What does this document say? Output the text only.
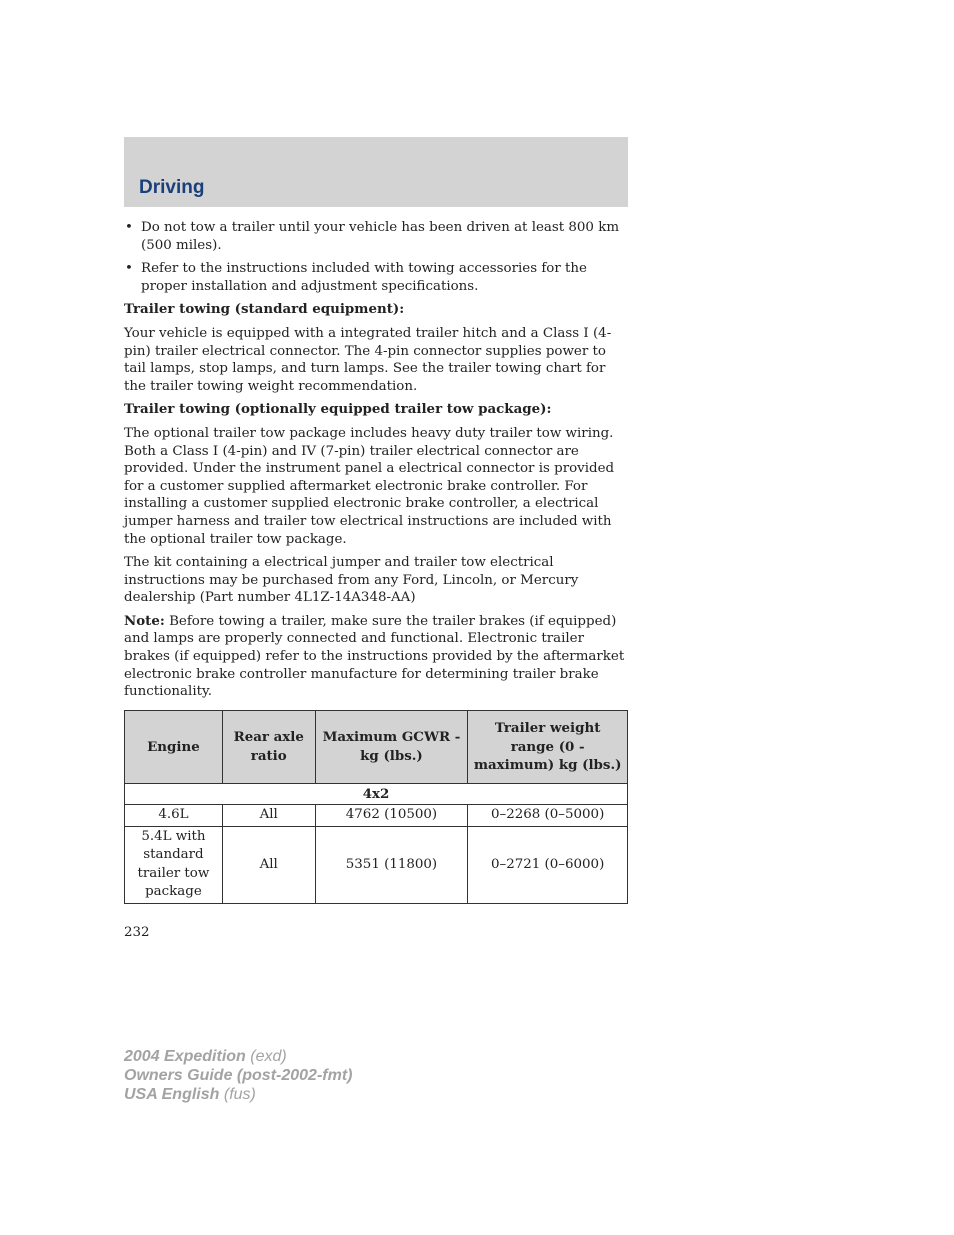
Driving
• Do not tow a trailer until your vehicle has been driven at least 800 km (500 miles).
• Refer to the instructions included with towing accessories for the proper installation and adjustment specifications.

Trailer towing (standard equipment):

Your vehicle is equipped with a integrated trailer hitch and a Class I (4-pin) trailer electrical connector. The 4-pin connector supplies power to tail lamps, stop lamps, and turn lamps. See the trailer towing chart for the trailer towing weight recommendation.

Trailer towing (optionally equipped trailer tow package):

The optional trailer tow package includes heavy duty trailer tow wiring. Both a Class I (4-pin) and IV (7-pin) trailer electrical connector are provided. Under the instrument panel a electrical connector is provided for a customer supplied aftermarket electronic brake controller. For installing a customer supplied electronic brake controller, a electrical jumper harness and trailer tow electrical instructions are included with the optional trailer tow package.

The kit containing a electrical jumper and trailer tow electrical instructions may be purchased from any Ford, Lincoln, or Mercury dealership (Part number 4L1Z-14A348-AA)

Note: Before towing a trailer, make sure the trailer brakes (if equipped) and lamps are properly connected and functional. Electronic trailer brakes (if equipped) refer to the instructions provided by the aftermarket electronic brake controller manufacture for determining trailer brake functionality.

Engine	Rear axle ratio	Maximum GCWR - kg (lbs.)	Trailer weight range (0 - maximum) kg (lbs.)
4x2			
4.6L	All	4762 (10500)	0–2268 (0–5000)
5.4L with standard trailer tow package	All	5351 (11800)	0–2721 (0–6000)
232
2004 Expedition (exd)
Owners Guide (post-2002-fmt)
USA English (fus)
